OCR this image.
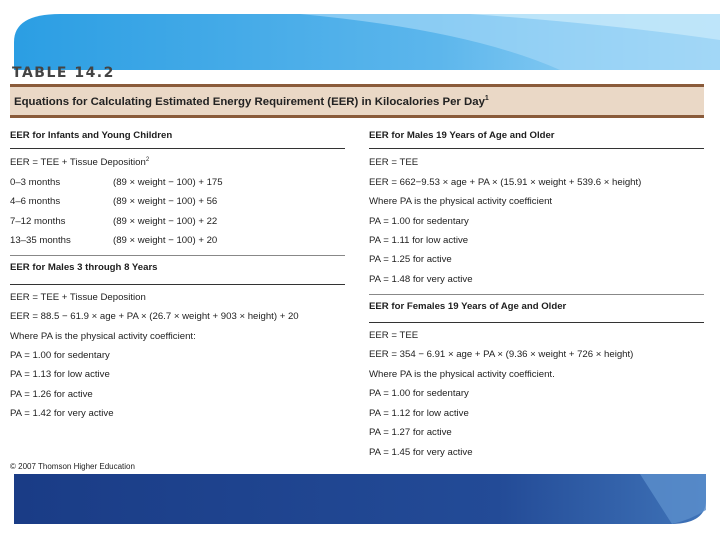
TABLE 14.2

Equations for Calculating Estimated Energy Requirement (EER) in Kilocalories Per Day$^1$

EER for Infants and Young Children
EER = TEE + Tissue Deposition$^2$
0–3 months	(89 × weight − 100) + 175
4–6 months	(89 × weight − 100) + 56
7–12 months	(89 × weight − 100) + 22
13–35 months	(89 × weight − 100) + 20
EER for Males 3 through 8 Years
EER = TEE + Tissue Deposition
EER = 88.5 − 61.9 × age + PA × (26.7 × weight + 903 × height) + 20
Where PA is the physical activity coefficient:
PA = 1.00 for sedentary
PA = 1.13 for low active
PA = 1.26 for active
PA = 1.42 for very active
EER for Males 19 Years of Age and Older
EER = TEE
EER = 662−9.53 × age + PA × (15.91 × weight + 539.6 × height)
Where PA is the physical activity coefficient
PA = 1.00 for sedentary
PA = 1.11 for low active
PA = 1.25 for active
PA = 1.48 for very active
EER for Females 19 Years of Age and Older
EER = TEE
EER = 354 − 6.91 × age + PA × (9.36 × weight + 726 × height)
Where PA is the physical activity coefficient.
PA = 1.00 for sedentary
PA = 1.12 for low active
PA = 1.27 for active
PA = 1.45 for very active

© 2007 Thomson Higher Education
